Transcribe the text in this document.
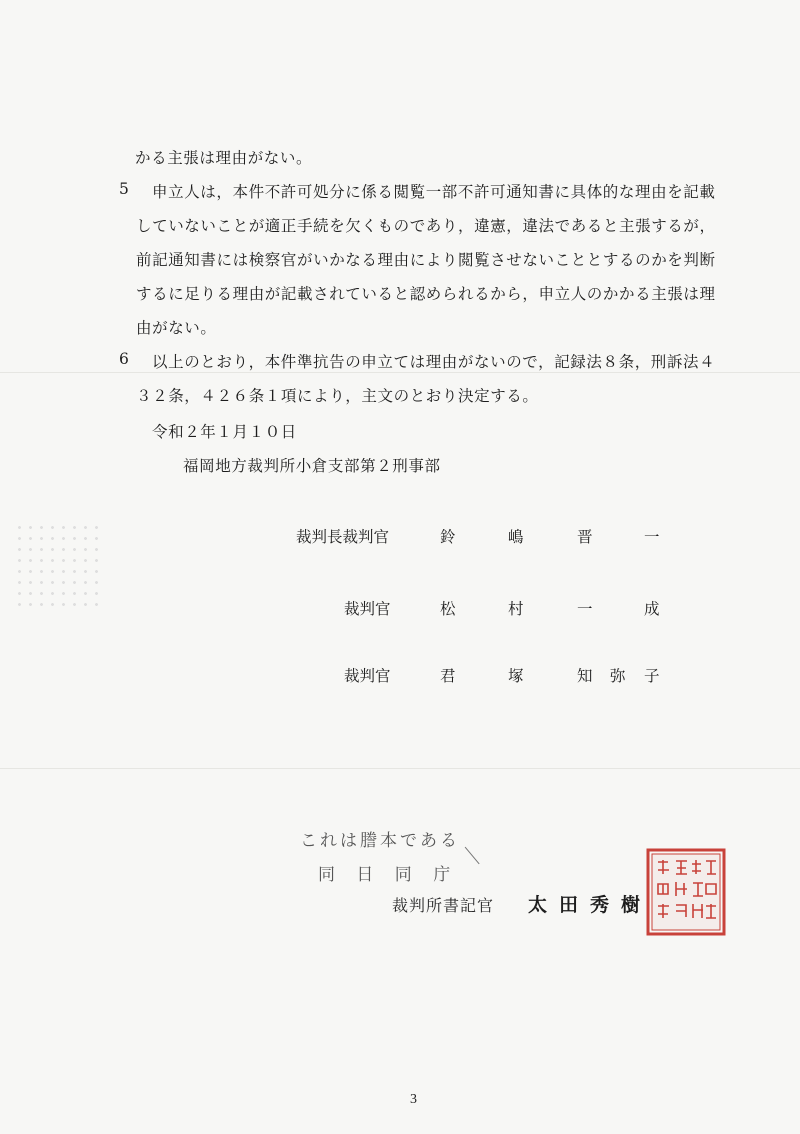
かる主張は理由がない。
5 申立人は，本件不許可処分に係る閲覧一部不許可通知書に具体的な理由を記載
していないことが適正手続を欠くものであり，違憲，違法であると主張するが，
前記通知書には検察官がいかなる理由により閲覧させないこととするのかを判断
するに足りる理由が記載されていると認められるから，申立人のかかる主張は理
由がない。
6 以上のとおり，本件準抗告の申立ては理由がないので，記録法８条，刑訴法４
３２条，４２６条１項により，主文のとおり決定する。
令和２年１月１０日
福岡地方裁判所小倉支部第２刑事部
裁判長裁判官	鈴	嶋	晋	一
裁判官	松	村	一	成
裁判官	君	塚	知 弥 子
これは謄本である
同 日 同 庁
裁判所書記官 太田秀樹
3
